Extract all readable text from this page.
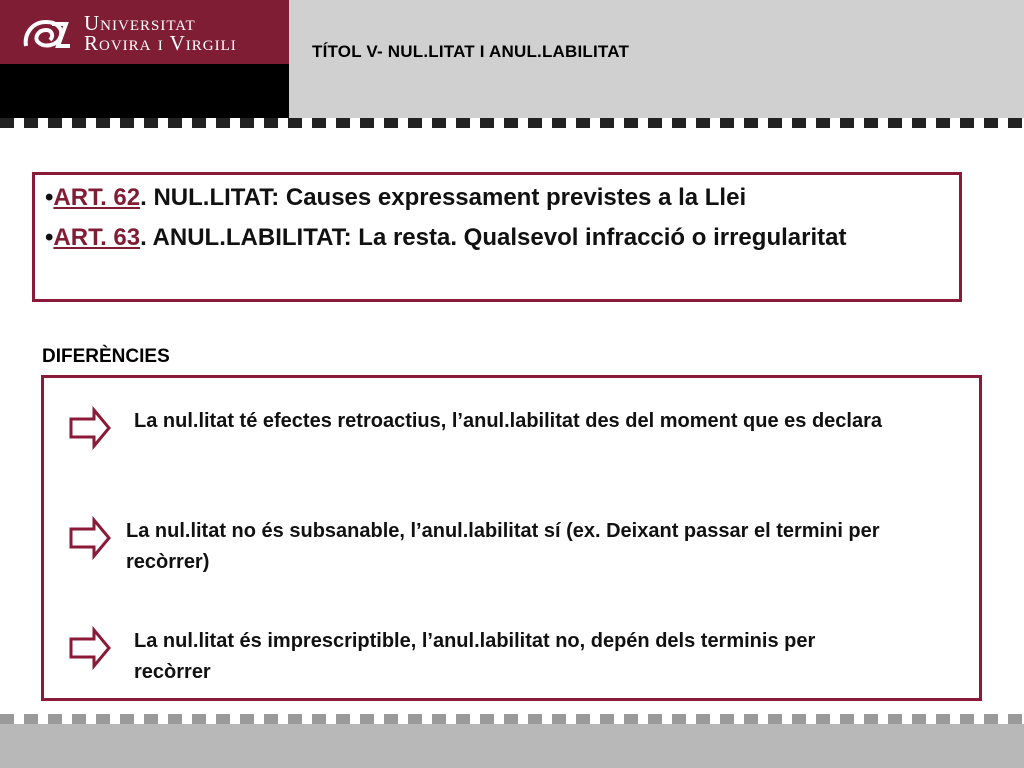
Universitat
Rovira i Virgili	TÍTOL V- NUL.LITAT I ANUL.LABILITAT
•ART. 62. NUL.LITAT: Causes expressament previstes a la Llei
•ART. 63. ANUL.LABILITAT: La resta. Qualsevol infracció o irregularitat
DIFERÈNCIES
La nul.litat té efectes retroactius, l’anul.labilitat des del moment que es declara
La nul.litat no és subsanable, l’anul.labilitat sí (ex. Deixant passar el termini per recòrrer)
La nul.litat és imprescriptible, l’anul.labilitat no, depén dels terminis per recòrrer
